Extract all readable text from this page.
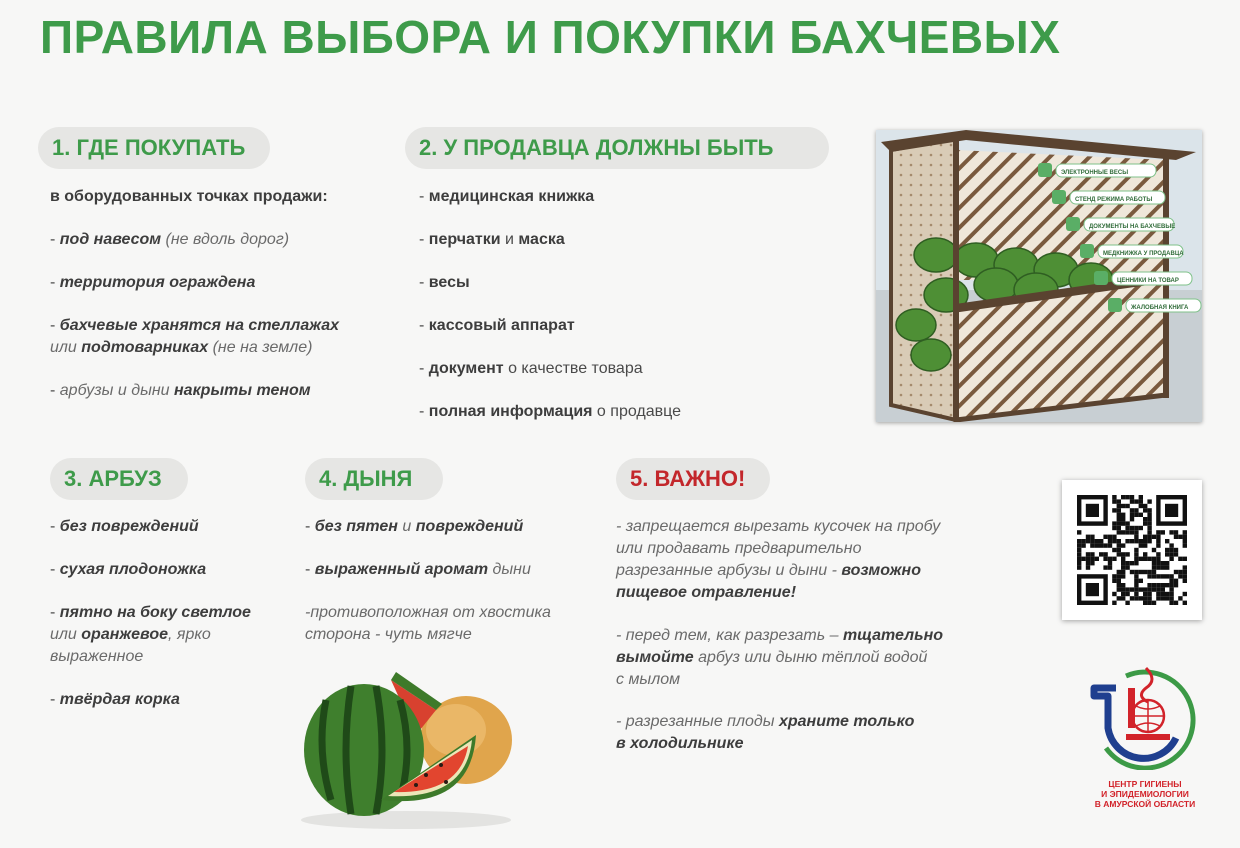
ПРАВИЛА ВЫБОРА И ПОКУПКИ БАХЧЕВЫХ
1. ГДЕ ПОКУПАТЬ
в оборудованных точках продажи:
- под навесом (не вдоль дорог)
- территория ограждена
- бахчевые хранятся на стеллажах
или подтоварниках (не на земле)
- арбузы и дыни накрыты теном
2. У ПРОДАВЦА ДОЛЖНЫ БЫТЬ
- медицинская книжка
- перчатки и маска
- весы
- кассовый аппарат
- документ о качестве товара
- полная информация о продавце
ЭЛЕКТРОННЫЕ ВЕСЫ
СТЕНД РЕЖИМА РАБОТЫ
ДОКУМЕНТЫ НА БАХЧЕВЫЕ
МЕДКНИЖКА У ПРОДАВЦА
ЦЕННИКИ НА ТОВАР
ЖАЛОБНАЯ КНИГА
3. АРБУЗ
- без повреждений
- сухая плодоножка
- пятно на боку светлое
или оранжевое, ярко
выраженное
- твёрдая корка
4. ДЫНЯ
- без пятен и повреждений
- выраженный аромат дыни
-противоположная от хвостика
сторона - чуть мягче
5. ВАЖНО!
- запрещается вырезать кусочек на пробу
или продавать предварительно
разрезанные арбузы и дыни - возможно
пищевое отравление!
- перед тем, как разрезать – тщательно
вымойте арбуз или дыню тёплой водой
с мылом
- разрезанные плоды храните только
в холодильнике
ЦЕНТР ГИГИЕНЫ
И ЭПИДЕМИОЛОГИИ
В АМУРСКОЙ ОБЛАСТИ
